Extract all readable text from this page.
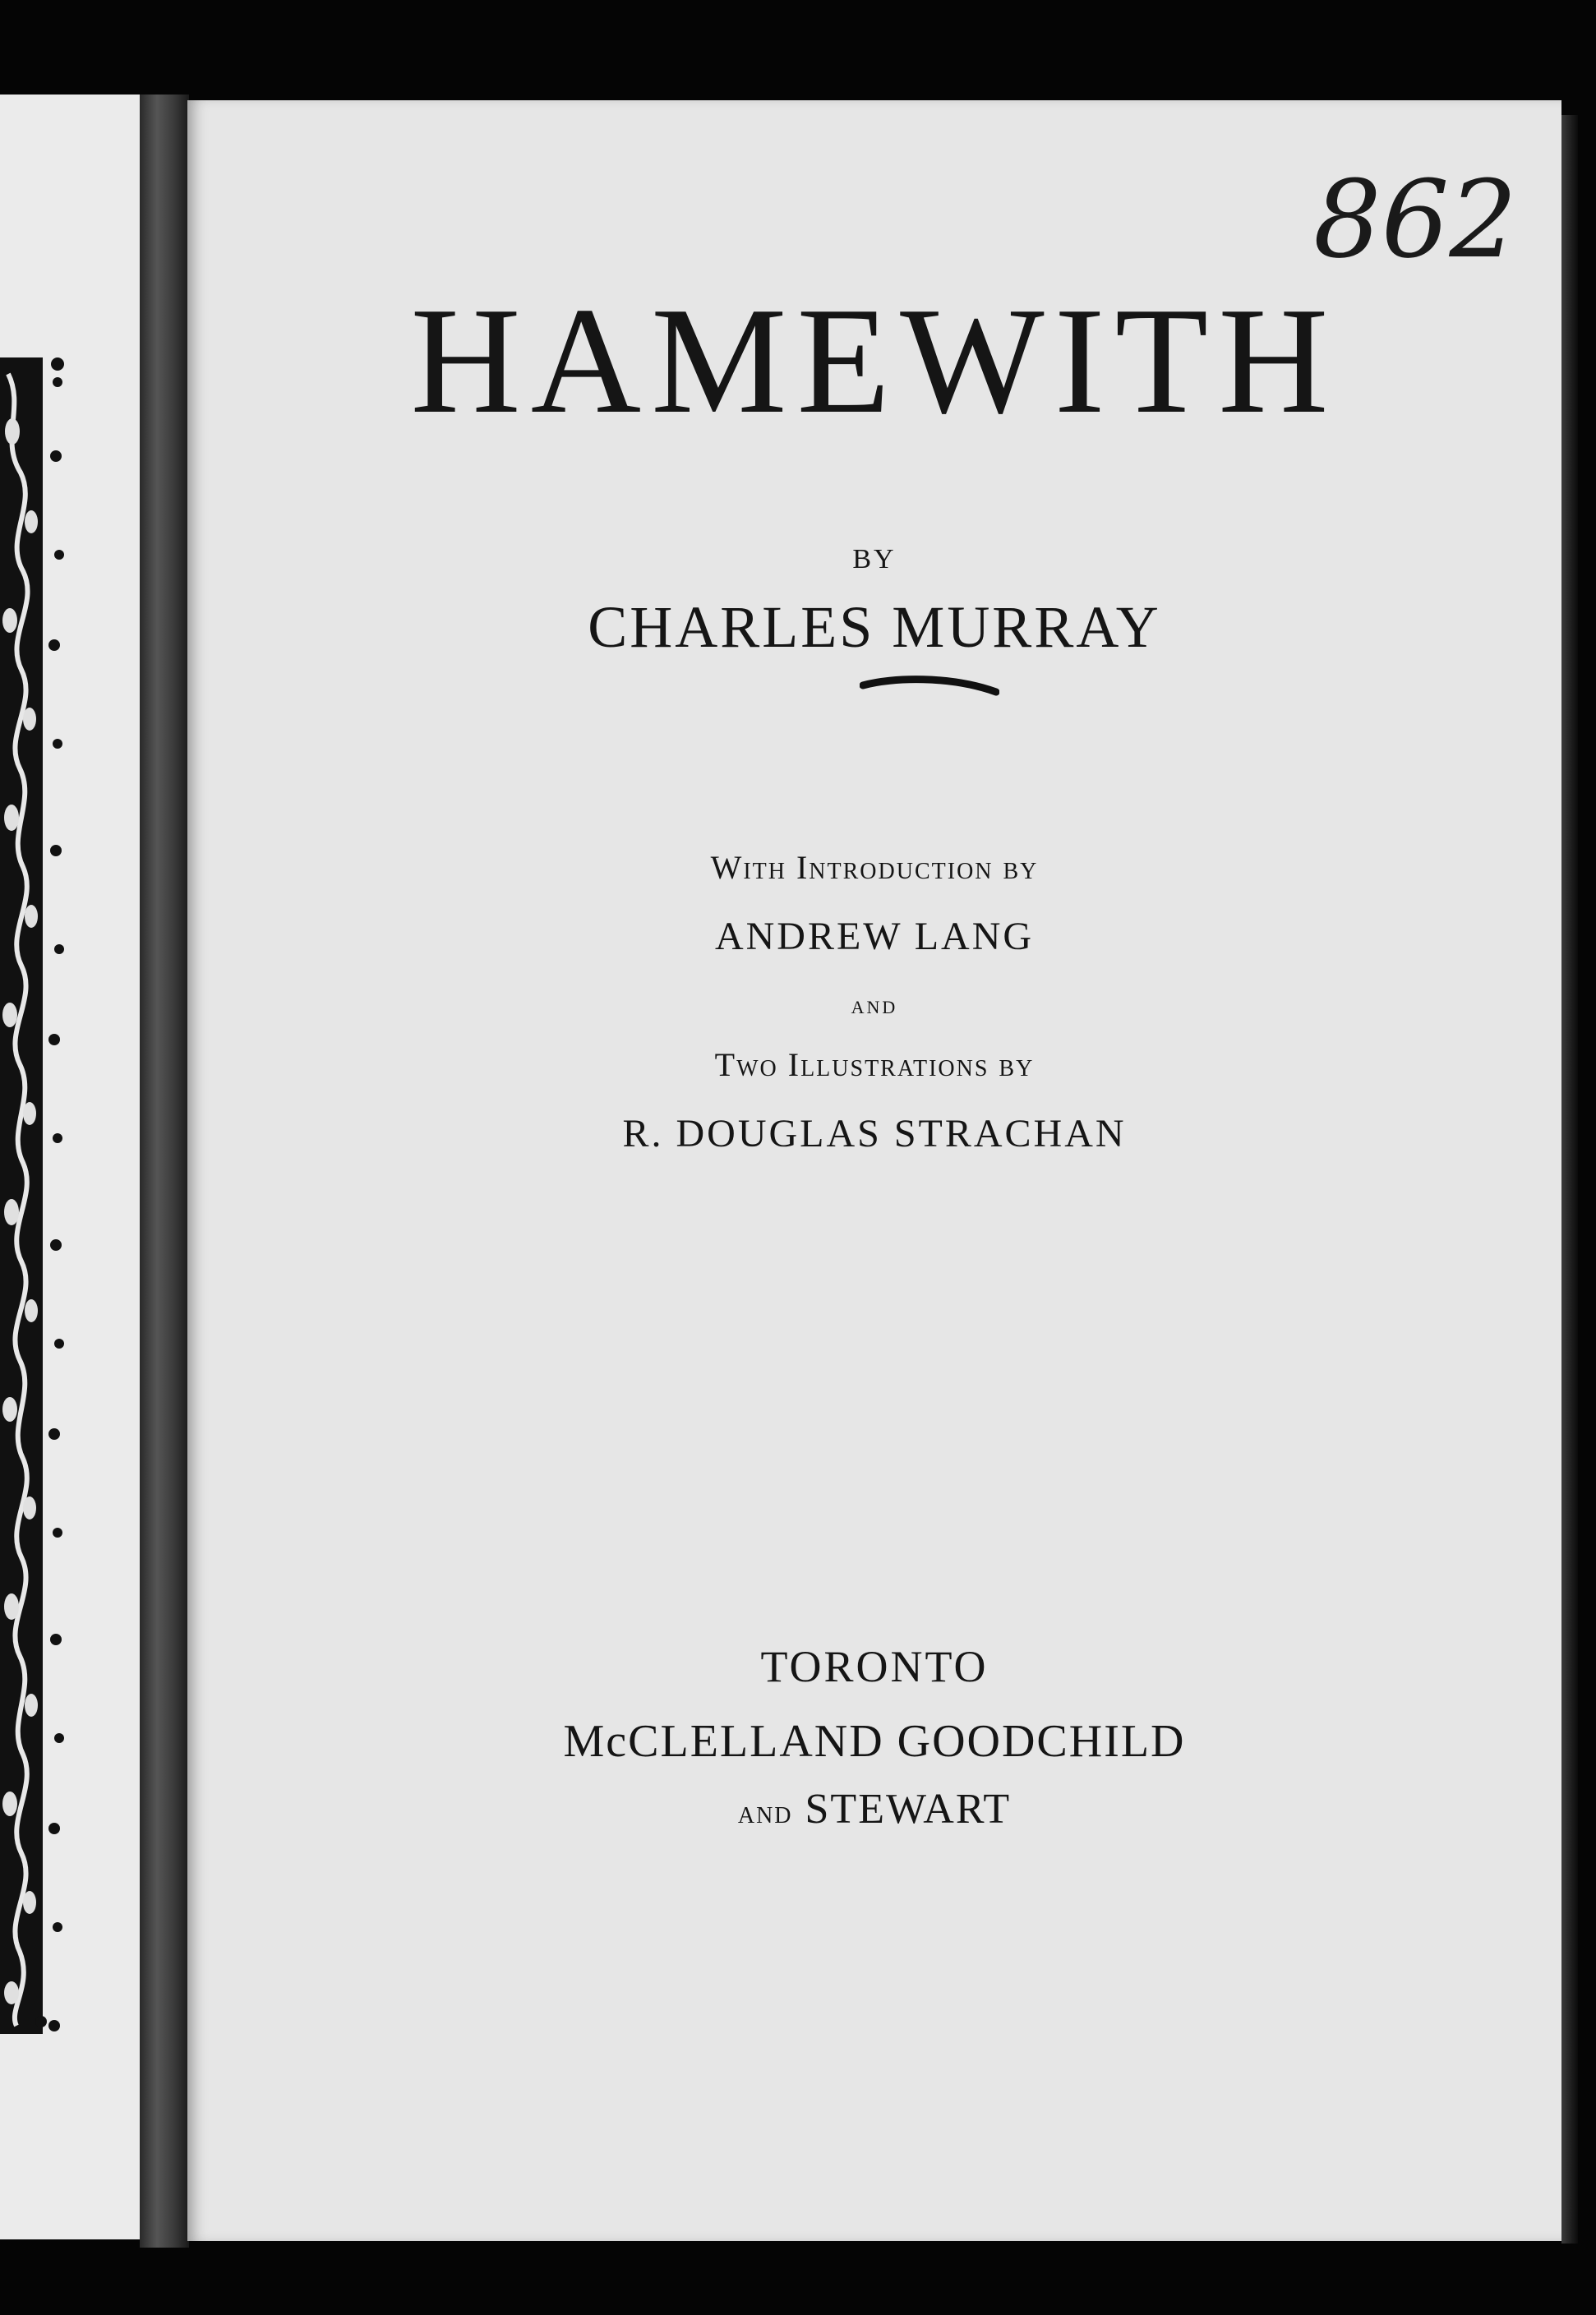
862
HAMEWITH
BY
CHARLES MURRAY
With Introduction by
ANDREW LANG
and
Two Illustrations by
R. DOUGLAS STRACHAN
TORONTO
McCLELLAND GOODCHILD
and STEWART
